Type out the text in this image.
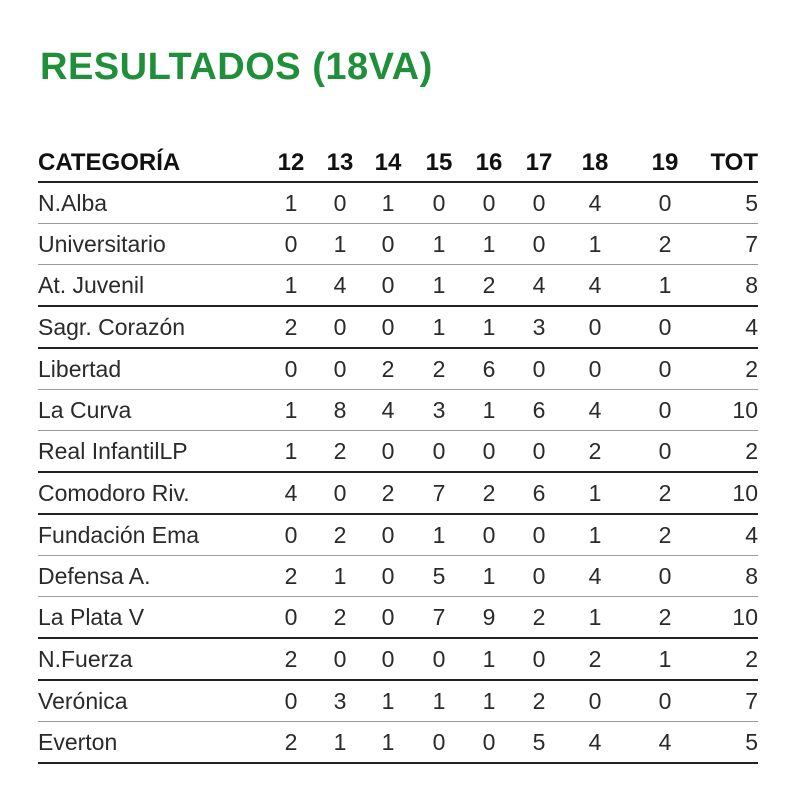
RESULTADOS (18VA)
CATEGORÍA	12	13	14	15	16	17	18	19	TOT
N.Alba	1	0	1	0	0	0	4	0	5
Universitario	0	1	0	1	1	0	1	2	7
At. Juvenil	1	4	0	1	2	4	4	1	8
Sagr. Corazón	2	0	0	1	1	3	0	0	4
Libertad	0	0	2	2	6	0	0	0	2
La Curva	1	8	4	3	1	6	4	0	10
Real InfantilLP	1	2	0	0	0	0	2	0	2
Comodoro Riv.	4	0	2	7	2	6	1	2	10
Fundación Ema	0	2	0	1	0	0	1	2	4
Defensa A.	2	1	0	5	1	0	4	0	8
La Plata V	0	2	0	7	9	2	1	2	10
N.Fuerza	2	0	0	0	1	0	2	1	2
Verónica	0	3	1	1	1	2	0	0	7
Everton	2	1	1	0	0	5	4	4	5
